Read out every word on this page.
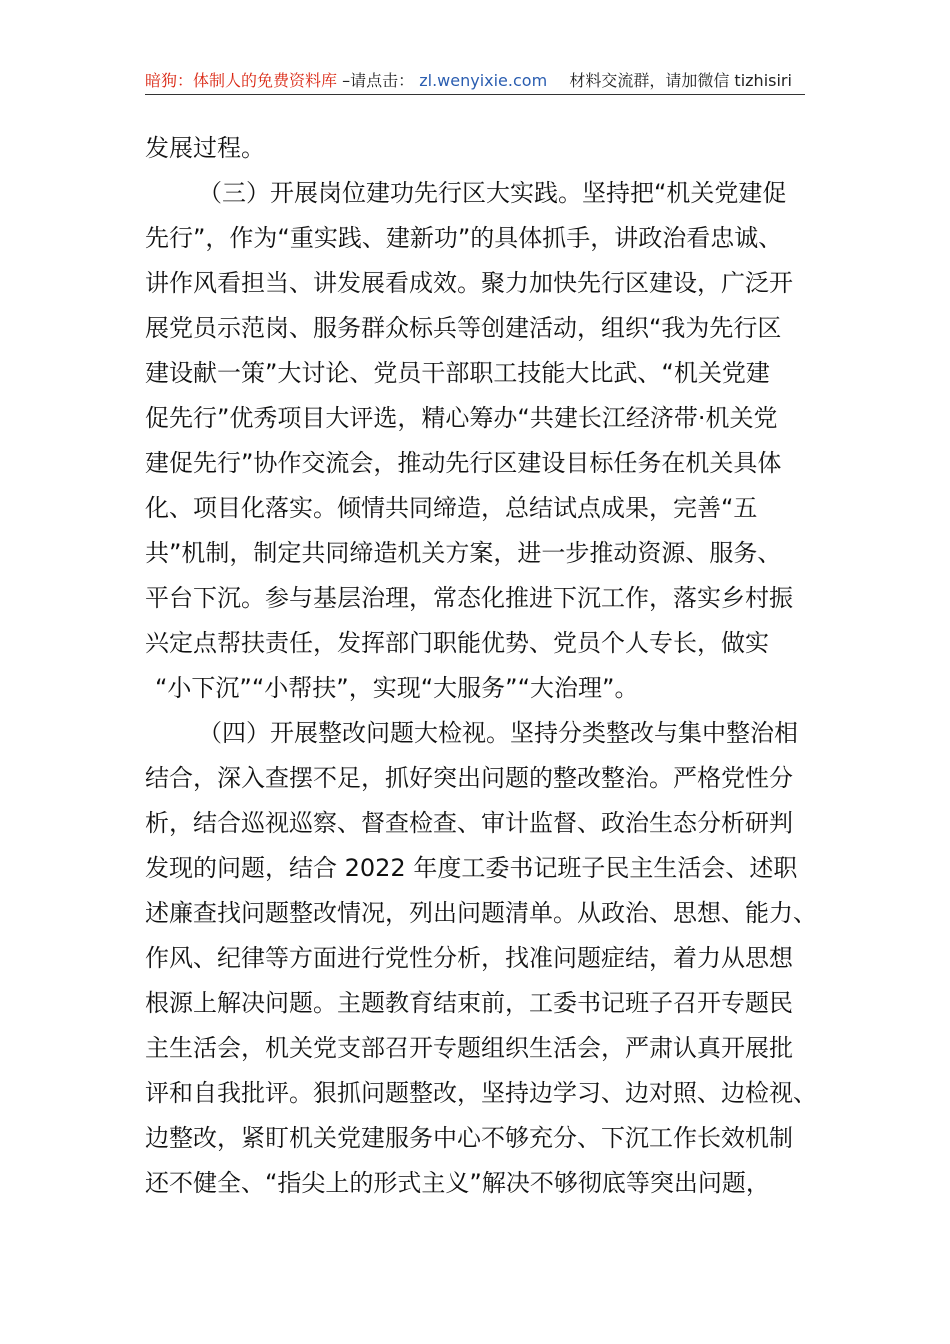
暗狗：体制人的免费资料库 –请点击： zl.wenyixie.com 材料交流群，请加微信 tizhisiri
发展过程。
（三）开展岗位建功先行区大实践。坚持把“机关党建促
先行”，作为“重实践、建新功”的具体抓手，讲政治看忠诚、
讲作风看担当、讲发展看成效。聚力加快先行区建设，广泛开
展党员示范岗、服务群众标兵等创建活动，组织“我为先行区
建设献一策”大讨论、党员干部职工技能大比武、“机关党建
促先行”优秀项目大评选，精心筹办“共建长江经济带·机关党
建促先行”协作交流会，推动先行区建设目标任务在机关具体
化、项目化落实。倾情共同缔造，总结试点成果，完善“五
共”机制，制定共同缔造机关方案，进一步推动资源、服务、
平台下沉。参与基层治理，常态化推进下沉工作，落实乡村振
兴定点帮扶责任，发挥部门职能优势、党员个人专长，做实
“小下沉”“小帮扶”，实现“大服务”“大治理”。
（四）开展整改问题大检视。坚持分类整改与集中整治相
结合，深入查摆不足，抓好突出问题的整改整治。严格党性分
析，结合巡视巡察、督查检查、审计监督、政治生态分析研判
发现的问题，结合 2022 年度工委书记班子民主生活会、述职
述廉查找问题整改情况，列出问题清单。从政治、思想、能力、
作风、纪律等方面进行党性分析，找准问题症结，着力从思想
根源上解决问题。主题教育结束前，工委书记班子召开专题民
主生活会，机关党支部召开专题组织生活会，严肃认真开展批
评和自我批评。狠抓问题整改，坚持边学习、边对照、边检视、
边整改，紧盯机关党建服务中心不够充分、下沉工作长效机制
还不健全、“指尖上的形式主义”解决不够彻底等突出问题，
